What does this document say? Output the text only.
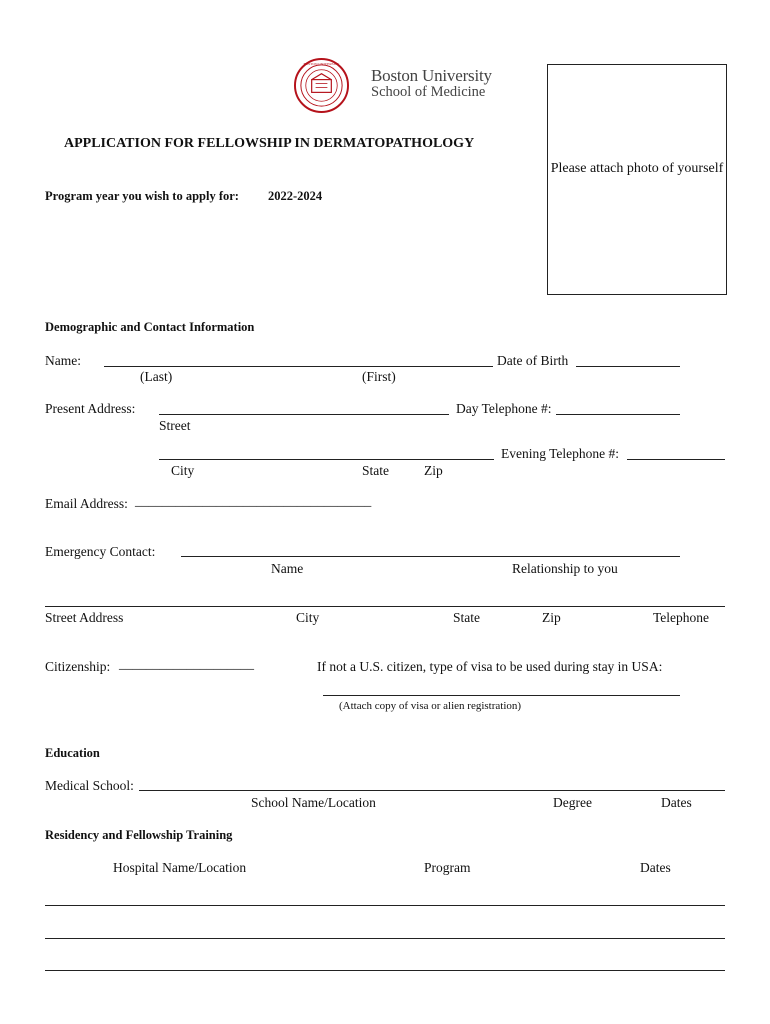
BOSTON UNIVERSITY
Boston University
School of Medicine
Please attach photo of yourself
APPLICATION FOR FELLOWSHIP IN DERMATOPATHOLOGY
Program year you wish to apply for: 2022-2024
Demographic and Contact Information
Name:	Date of Birth
(Last)	(First)
Present Address:	Day Telephone #:
Street
Evening Telephone #:
City	State	Zip
Email Address: ___________________________________
Emergency Contact:
Name	Relationship to you
Street Address	City	State	Zip	Telephone
Citizenship: ____________________	If not a U.S. citizen, type of visa to be used during stay in USA:
(Attach copy of visa or alien registration)
Education
Medical School:
School Name/Location	Degree	Dates
Residency and Fellowship Training
Hospital Name/Location	Program	Dates
